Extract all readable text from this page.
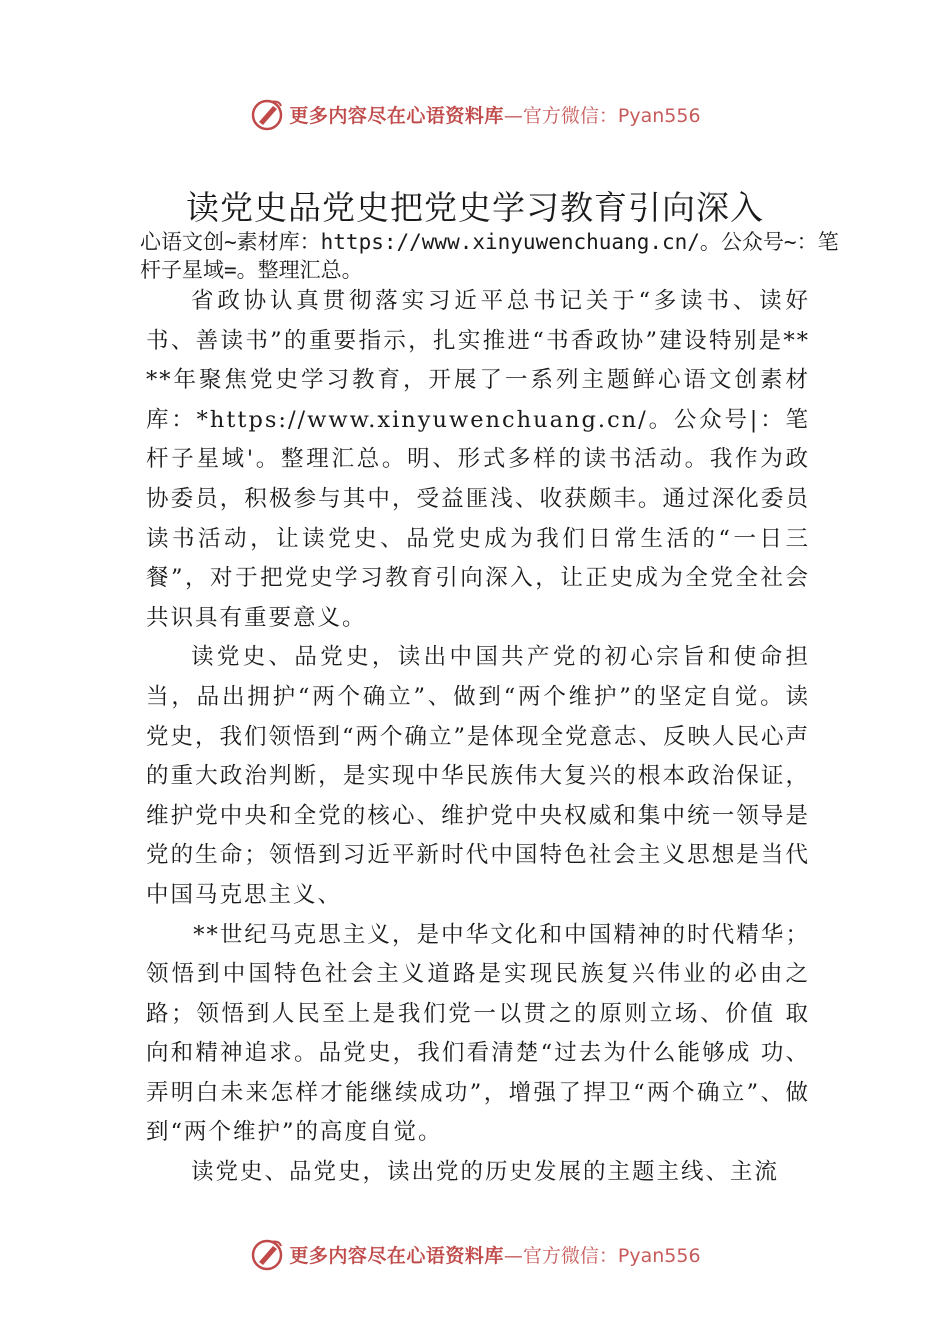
更多内容尽在心语资料库 —官方微信：Pyan556
读党史品党史把党史学习教育引向深入

心语文创~素材库：https://www.xinyuwenchuang.cn/。公众号~：笔杆子星域=。整理汇总。

省政协认真贯彻落实习近平总书记关于“多读书、读好书、善读书”的重要指示，扎实推进“书香政协”建设特别是****年聚焦党史学习教育，开展了一系列主题鲜心语文创素材库：*https://www.xinyuwenchuang.cn/。公众号|：笔杆子星域'。整理汇总。明、形式多样的读书活动。我作为政协委员，积极参与其中，受益匪浅、收获颇丰。通过深化委员读书活动，让读党史、品党史成为我们日常生活的“一日三餐”，对于把党史学习教育引向深入，让正史成为全党全社会共识具有重要意义。

读党史、品党史，读出中国共产党的初心宗旨和使命担当，品出拥护“两个确立”、做到“两个维护”的坚定自觉。读党史，我们领悟到“两个确立”是体现全党意志、反映人民心声的重大政治判断，是实现中华民族伟大复兴的根本政治保证，维护党中央和全党的核心、维护党中央权威和集中统一领导是党的生命；领悟到习近平新时代中国特色社会主义思想是当代中国马克思主义、

**世纪马克思主义，是中华文化和中国精神的时代精华；领悟到中国特色社会主义道路是实现民族复兴伟业的必由之路；领悟到人民至上是我们党一以贯之的原则立场、价值 取向和精神追求。品党史，我们看清楚“过去为什么能够成 功、弄明白未来怎样才能继续成功”，增强了捍卫“两个确立”、做到“两个维护”的高度自觉。

读党史、品党史，读出党的历史发展的主题主线、主流

更多内容尽在心语资料库 —官方微信：Pyan556
